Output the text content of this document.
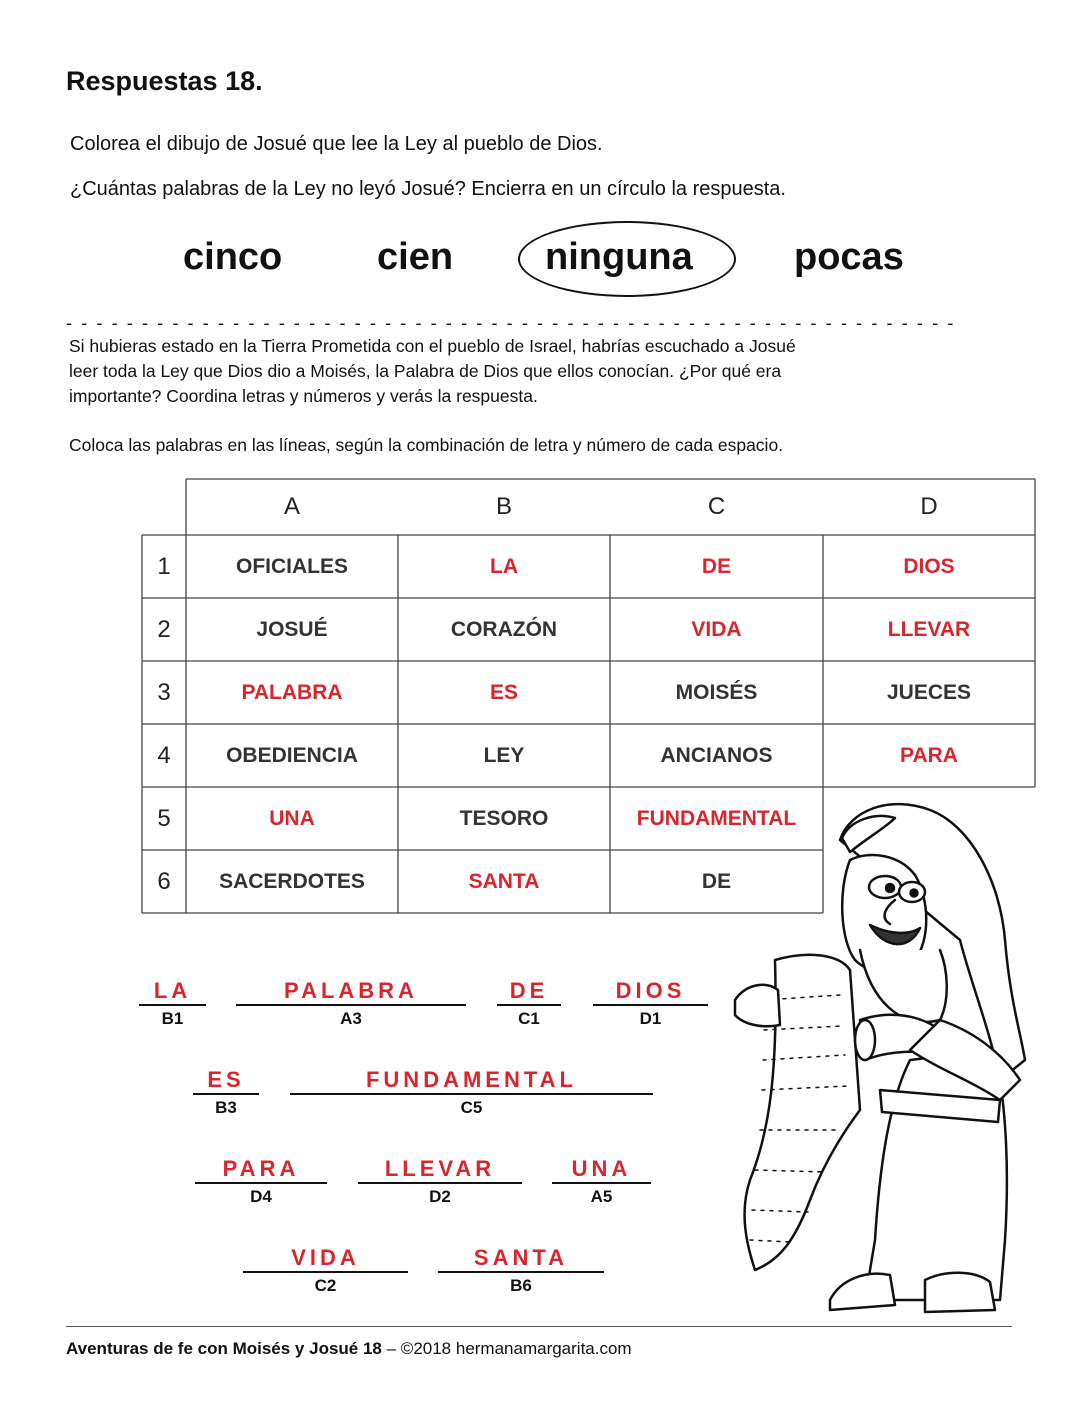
Respuestas 18.
Colorea el dibujo de Josué que lee la Ley al pueblo de Dios.
¿Cuántas palabras de la Ley no leyó Josué? Encierra en un círculo la respuesta.
cinco cien ninguna	pocas
- - - - - - - - - - - - - - - - - - - - - - - - - - - - - - - - - - - - - - - - - - - - - - - - - - - - - - - - - - -
Si hubieras estado en la Tierra Prometida con el pueblo de Israel, habrías escuchado a Josué
leer toda la Ley que Dios dio a Moisés, la Palabra de Dios que ellos conocían. ¿Por qué era
importante? Coordina letras y números y verás la respuesta.
Coloca las palabras en las líneas, según la combinación de letra y número de cada espacio.
A	B	C	D
1	OFICIALES	LA	DE	DIOS
2	JOSUÉ	CORAZÓN	VIDA	LLEVAR
3	PALABRA	ES	MOISÉS	JUECES
4	OBEDIENCIA	LEY	ANCIANOS	PARA
5	UNA	TESORO	FUNDAMENTAL
6	SACERDOTES	SANTA	DE
LA
B1
PALABRA
A3
DE
C1
DIOS
D1
ES
B3
FUNDAMENTAL
C5
PARA
D4
LLEVAR
D2
UNA
A5
VIDA
C2
SANTA
B6
Aventuras de fe con Moisés y Josué 18 – ©2018 hermanamargarita.com
